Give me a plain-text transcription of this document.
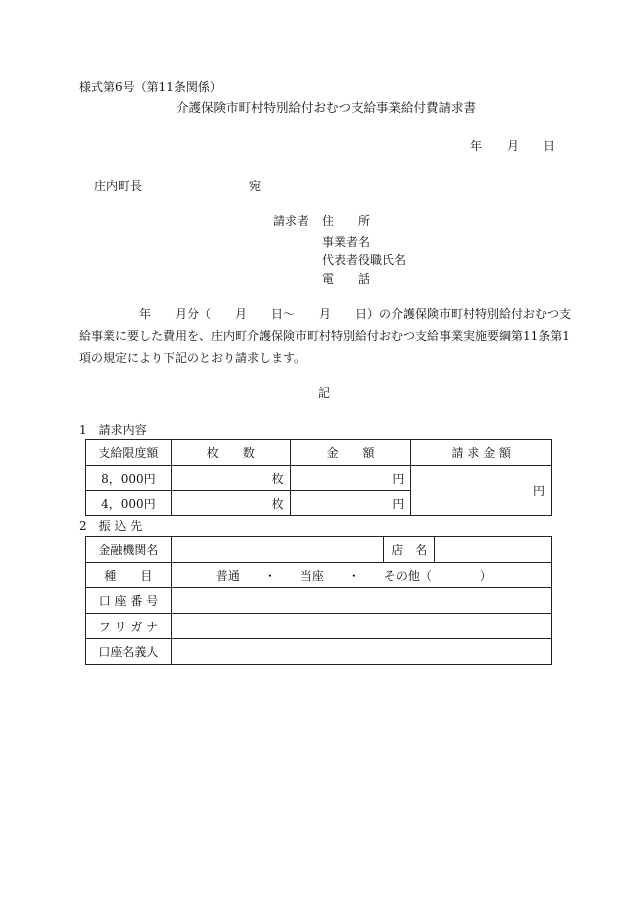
様式第6号（第11条関係）
介護保険市町村特別給付おむつ支給事業給付費請求書
年 月 日
庄内町長	宛
請求者 住　　所
事業者名
代表者役職氏名
電　　話

　　　　　年　　月分（　　月　　日～　　月　　日）の介護保険市町村特別給付おむつ支給事業に要した費用を、庄内町介護保険市町村特別給付おむつ支給事業実施要綱第11条第1項の規定により下記のとおり請求します。

記
1　請求内容
支給限度額	枚　　数	金　　額	請 求 金 額
8，000円	枚	円	円
4，000円	枚	円	
2　振 込 先
金融機関名		店　名	
種　　目	普通　　・　　当座　　・　　その他（　　　　）		
口 座 番 号			
フ リ ガ ナ			
口座名義人			
